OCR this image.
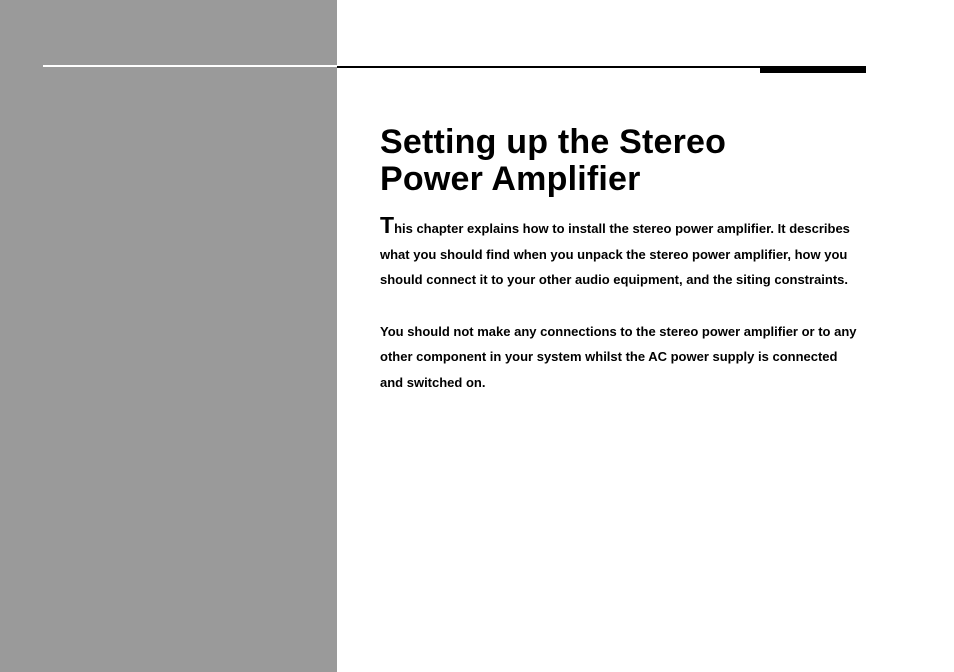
Setting up the Stereo
Power Amplifier

This chapter explains how to install the stereo power amplifier. It describes what you should find when you unpack the stereo power amplifier, how you should connect it to your other audio equipment, and the siting constraints.

You should not make any connections to the stereo power amplifier or to any other component in your system whilst the AC power supply is connected and switched on.
